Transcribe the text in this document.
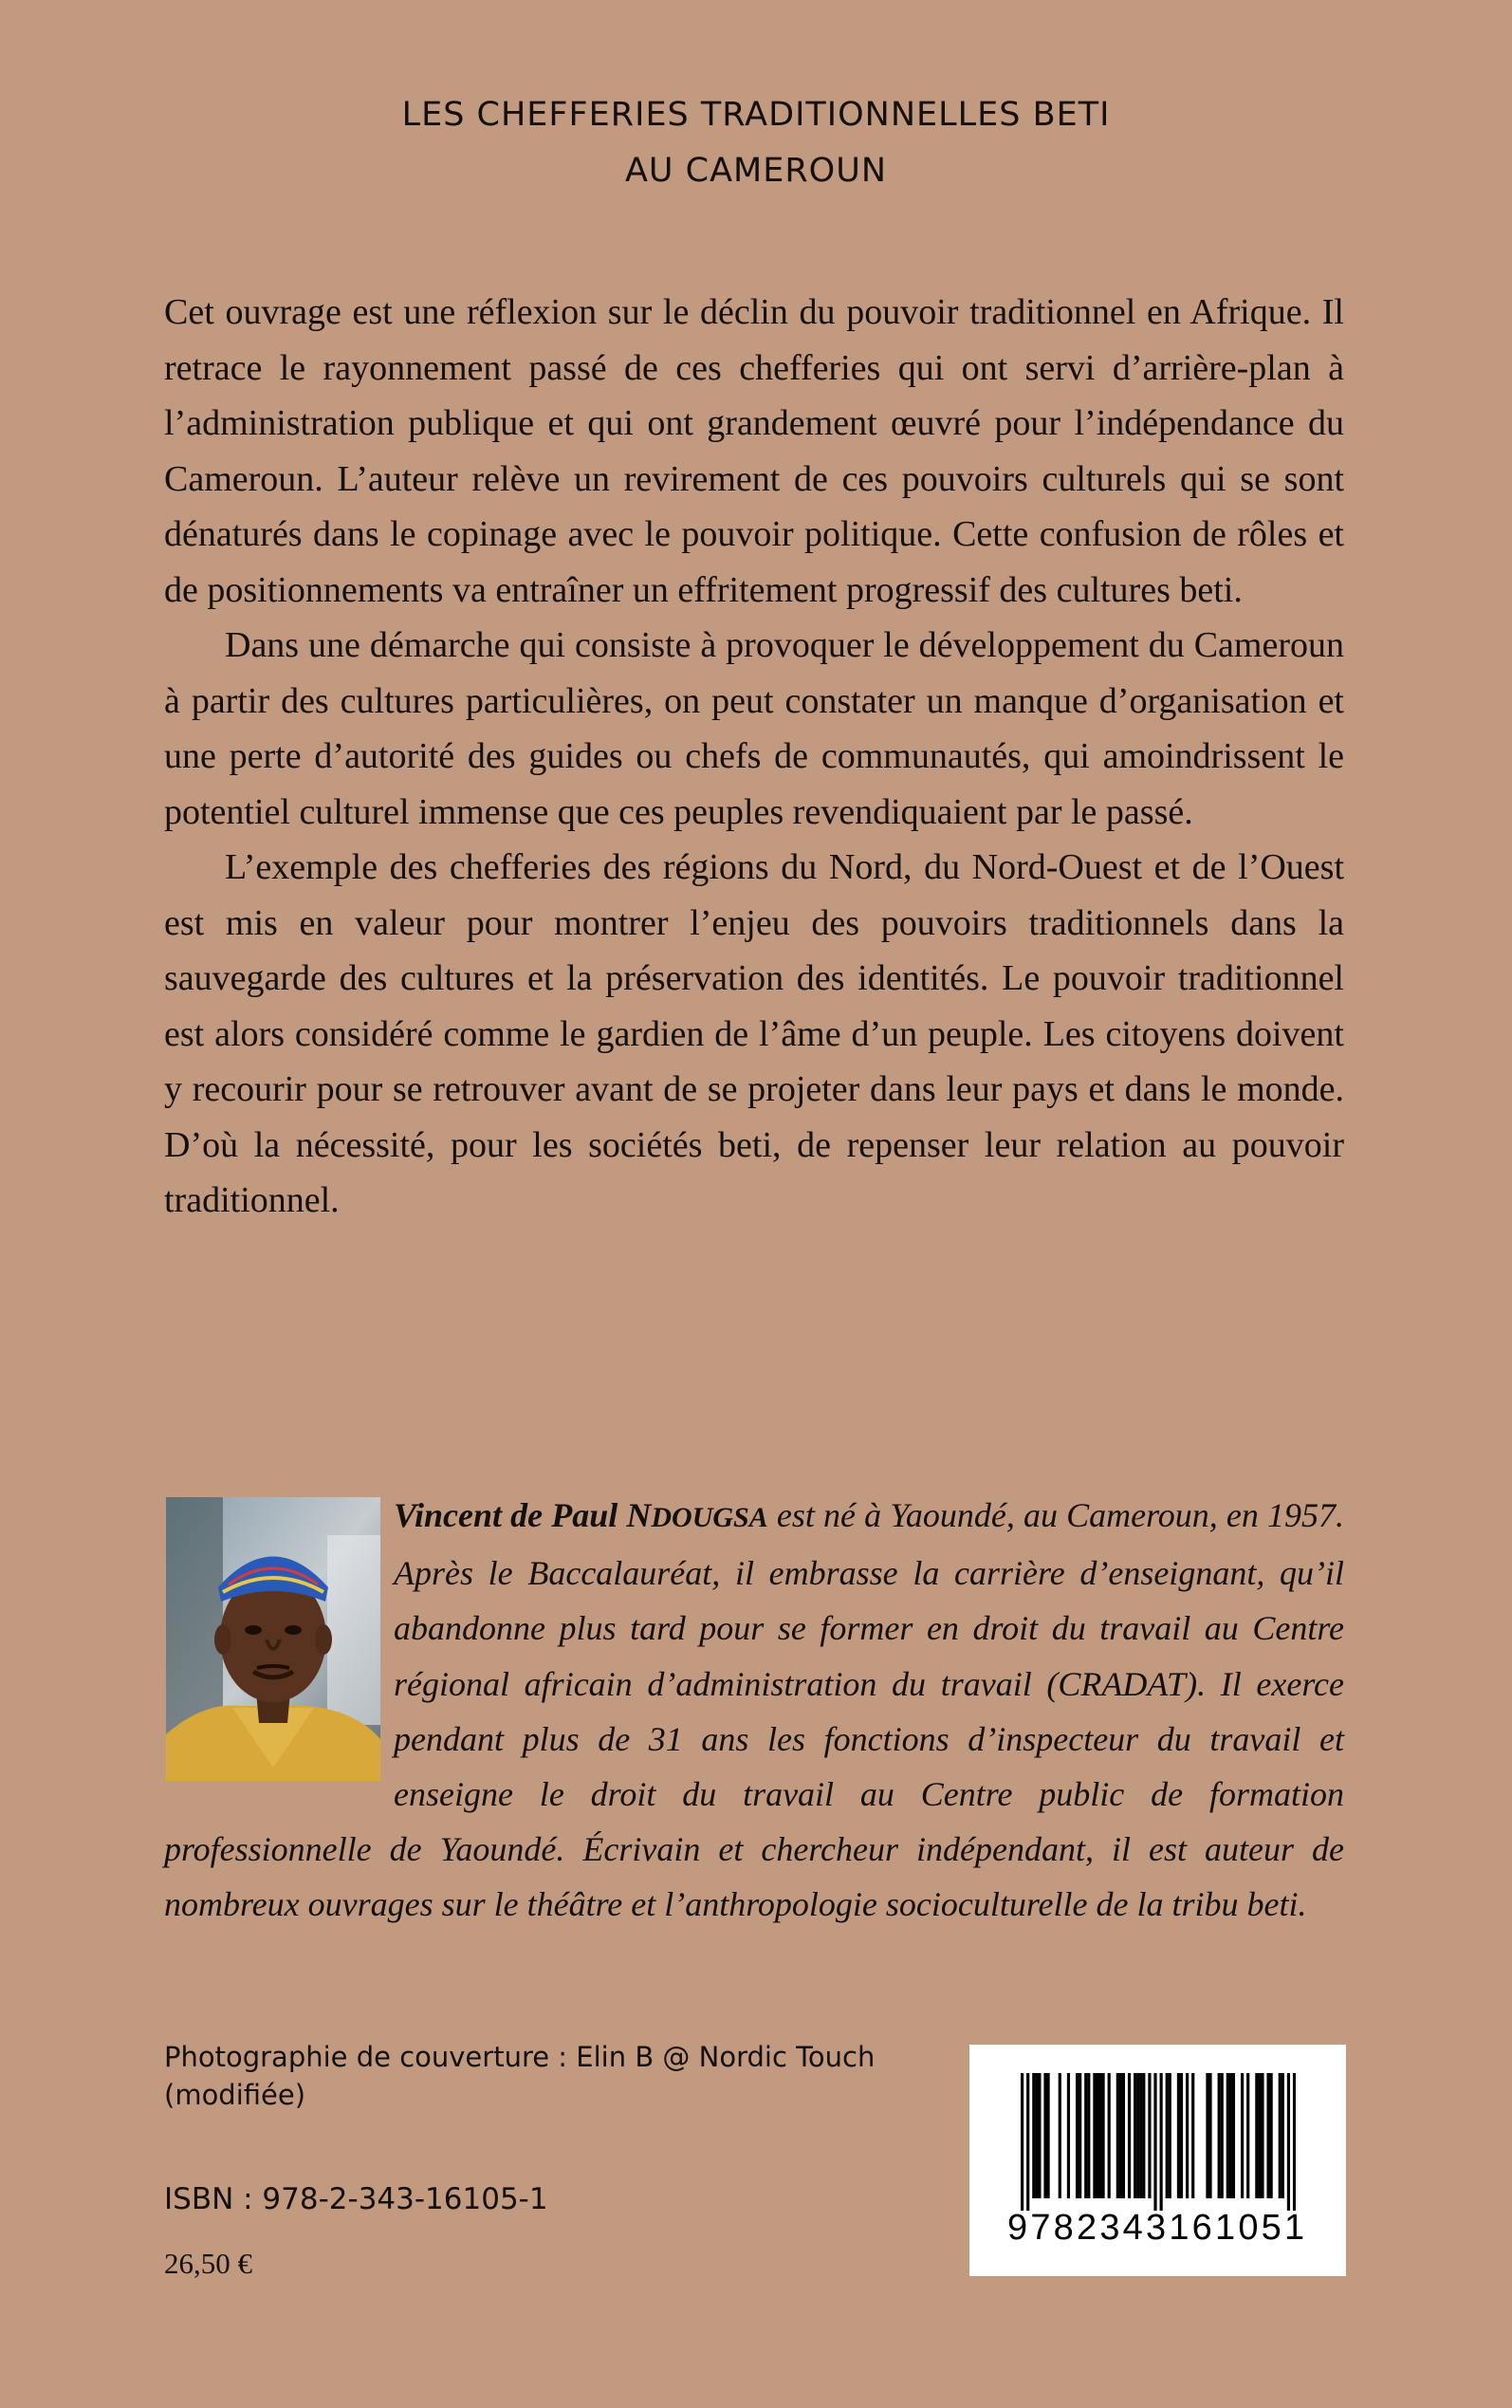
LES CHEFFERIES TRADITIONNELLES BETI
AU CAMEROUN

Cet ouvrage est une réflexion sur le déclin du pouvoir traditionnel en Afrique. Il retrace le rayonnement passé de ces chefferies qui ont servi d’arrière-plan à l’administration publique et qui ont grandement œuvré pour l’indépendance du Cameroun. L’auteur relève un revirement de ces pouvoirs culturels qui se sont dénaturés dans le copinage avec le pouvoir politique. Cette confusion de rôles et de positionnements va entraîner un effritement progressif des cultures beti.

Dans une démarche qui consiste à provoquer le développement du Cameroun à partir des cultures particulières, on peut constater un manque d’organisation et une perte d’autorité des guides ou chefs de communautés, qui amoindrissent le potentiel culturel immense que ces peuples revendiquaient par le passé.

L’exemple des chefferies des régions du Nord, du Nord-Ouest et de l’Ouest est mis en valeur pour montrer l’enjeu des pouvoirs traditionnels dans la sauvegarde des cultures et la préservation des identités. Le pouvoir traditionnel est alors considéré comme le gardien de l’âme d’un peuple. Les citoyens doivent y recourir pour se retrouver avant de se projeter dans leur pays et dans le monde. D’où la nécessité, pour les sociétés beti, de repenser leur relation au pouvoir traditionnel.

Vincent de Paul NDOUGSA est né à Yaoundé, au Cameroun, en 1957. Après le Baccalauréat, il embrasse la carrière d’enseignant, qu’il abandonne plus tard pour se former en droit du travail au Centre régional africain d’administration du travail (CRADAT). Il exerce pendant plus de 31 ans les fonctions d’inspecteur du travail et enseigne le droit du travail au Centre public de formation professionnelle de Yaoundé. Écrivain et chercheur indépendant, il est auteur de nombreux ouvrages sur le théâtre et l’anthropologie socioculturelle de la tribu beti.
Photographie de couverture : Elin B @ Nordic Touch
(modifiée)
ISBN : 978-2-343-16105-1
26,50 €
9782343161051
